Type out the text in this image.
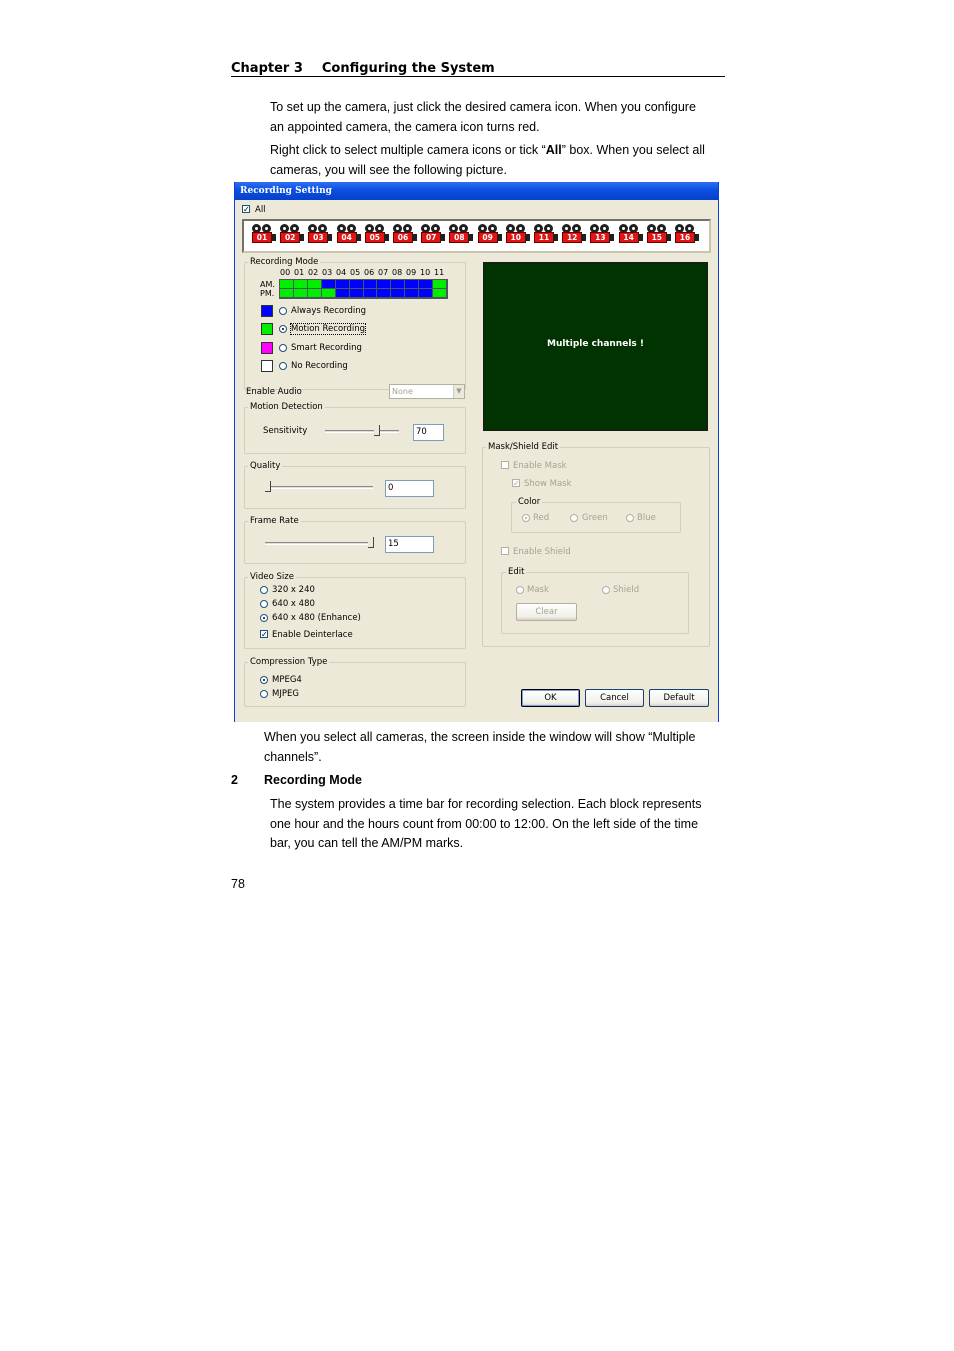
Chapter 3 Configuring the System
To set up the camera, just click the desired camera icon. When you configure
an appointed camera, the camera icon turns red.
Right click to select multiple camera icons or tick “All” box. When you select all
cameras, you will see the following picture.
Recording Setting
✓ All
01	02	03	04	05	06	07	08	09	10	11	12	13	14	15	16
Recording Mode
00 01 02 03 04 05 06 07 08 09 10 11
AM.
PM.
Always Recording
Motion Recording
Smart Recording
No Recording
Enable Audio	None	▼
Motion Detection
Sensitivity	70
Quality
0
Frame Rate
15
Video Size
320 x 240
640 x 480
640 x 480 (Enhance)
✓ Enable Deinterlace
Compression Type
MPEG4
MJPEG
Multiple channels !
Mask/Shield Edit
Enable Mask
✓ Show Mask
Color
Red	Green	Blue
Enable Shield
Edit
Mask	Shield
Clear
OK	Cancel	Default
When you select all cameras, the screen inside the window will show “Multiple
channels”.
2 Recording Mode
The system provides a time bar for recording selection. Each block represents
one hour and the hours count from 00:00 to 12:00. On the left side of the time
bar, you can tell the AM/PM marks.
78
